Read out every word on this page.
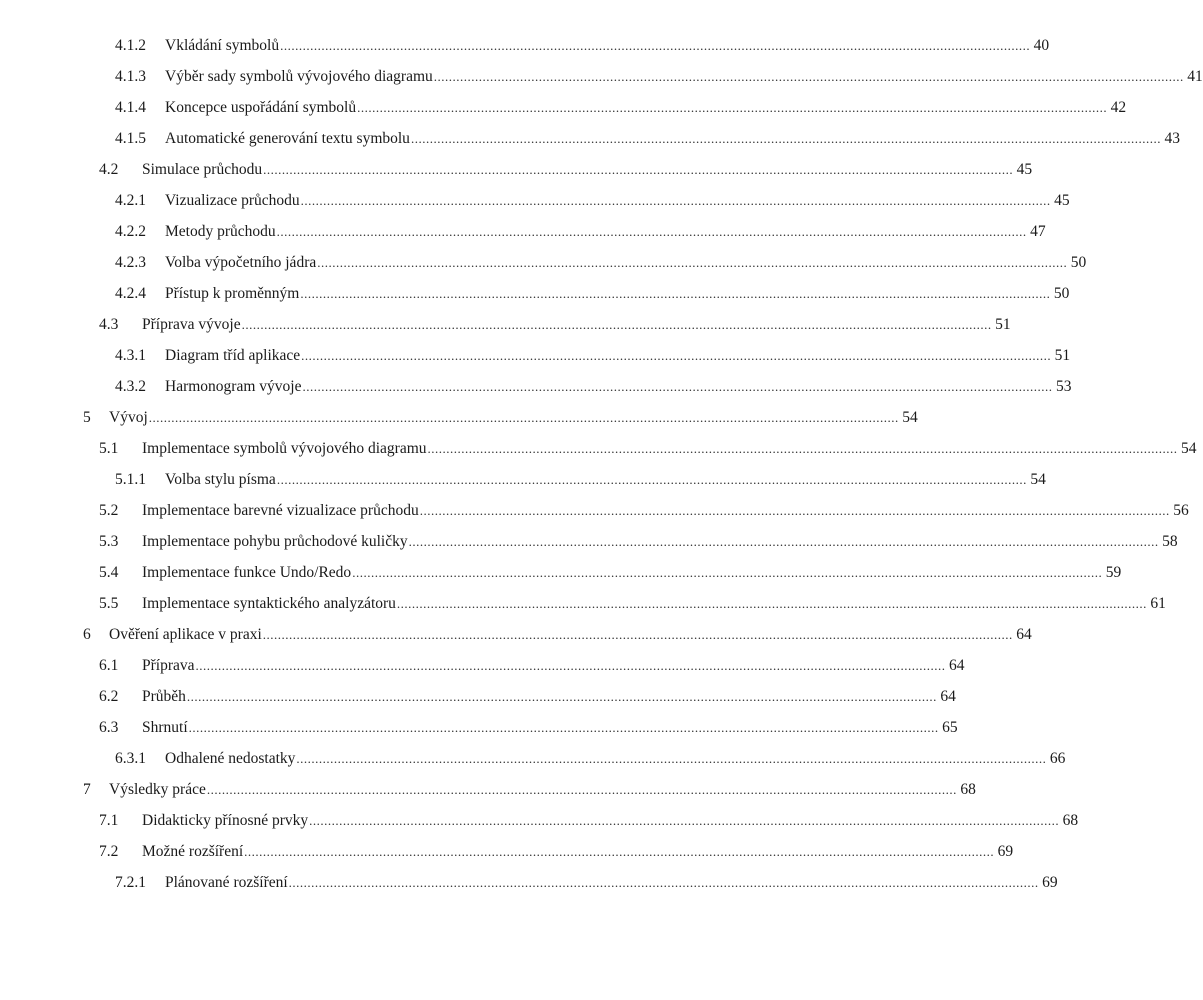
4.1.2 Vkládání symbolů ........................................................................................................................................................................................................ 40
4.1.3 Výběr sady symbolů vývojového diagramu ........................................................................................................................................................................................................ 41
4.1.4 Koncepce uspořádání symbolů ........................................................................................................................................................................................................ 42
4.1.5 Automatické generování textu symbolu ........................................................................................................................................................................................................ 43
4.2 Simulace průchodu ........................................................................................................................................................................................................ 45
4.2.1 Vizualizace průchodu ........................................................................................................................................................................................................ 45
4.2.2 Metody průchodu ........................................................................................................................................................................................................ 47
4.2.3 Volba výpočetního jádra ........................................................................................................................................................................................................ 50
4.2.4 Přístup k proměnným ........................................................................................................................................................................................................ 50
4.3 Příprava vývoje ........................................................................................................................................................................................................ 51
4.3.1 Diagram tříd aplikace ........................................................................................................................................................................................................ 51
4.3.2 Harmonogram vývoje ........................................................................................................................................................................................................ 53
5 Vývoj ........................................................................................................................................................................................................ 54
5.1 Implementace symbolů vývojového diagramu ........................................................................................................................................................................................................ 54
5.1.1 Volba stylu písma ........................................................................................................................................................................................................ 54
5.2 Implementace barevné vizualizace průchodu ........................................................................................................................................................................................................ 56
5.3 Implementace pohybu průchodové kuličky ........................................................................................................................................................................................................ 58
5.4 Implementace funkce Undo/Redo ........................................................................................................................................................................................................ 59
5.5 Implementace syntaktického analyzátoru ........................................................................................................................................................................................................ 61
6 Ověření aplikace v praxi ........................................................................................................................................................................................................ 64
6.1 Příprava ........................................................................................................................................................................................................ 64
6.2 Průběh ........................................................................................................................................................................................................ 64
6.3 Shrnutí ........................................................................................................................................................................................................ 65
6.3.1 Odhalené nedostatky ........................................................................................................................................................................................................ 66
7 Výsledky práce ........................................................................................................................................................................................................ 68
7.1 Didakticky přínosné prvky ........................................................................................................................................................................................................ 68
7.2 Možné rozšíření ........................................................................................................................................................................................................ 69
7.2.1 Plánované rozšíření ........................................................................................................................................................................................................ 69
